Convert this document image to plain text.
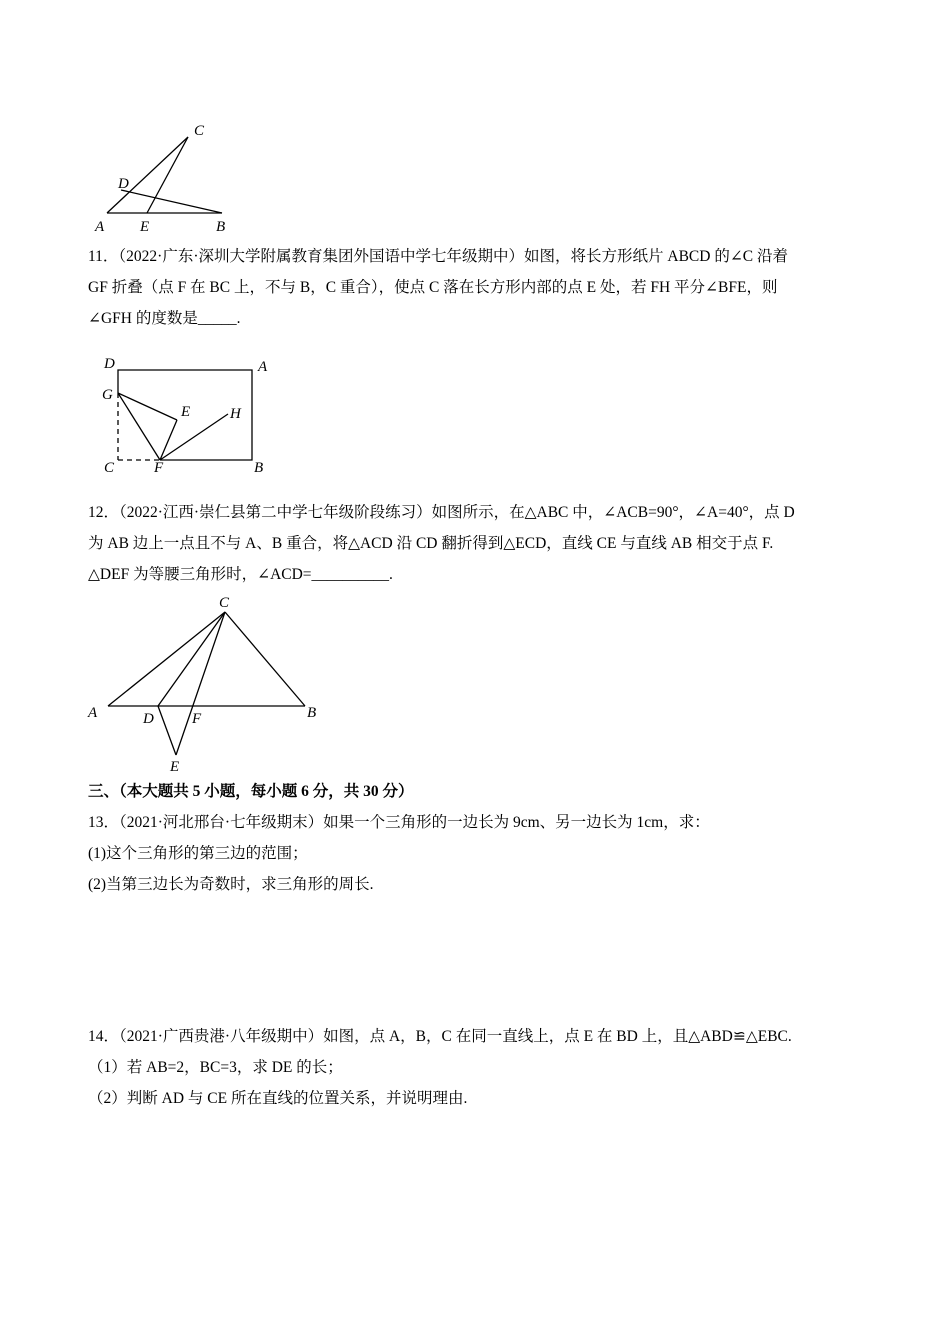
C
D
A E	B
D	A
G
E	H
C	F	B
C
A	D	F	B
E
11．（2022·广东·深圳大学附属教育集团外国语中学七年级期中）如图，将长方形纸片 ABCD 的∠C 沿着
GF 折叠（点 F 在 BC 上，不与 B，C 重合），使点 C 落在长方形内部的点 E 处，若 FH 平分∠BFE，则
∠GFH 的度数是_____.
12．（2022·江西·崇仁县第二中学七年级阶段练习）如图所示，在△ABC 中，∠ACB=90°，∠A=40°，点 D
为 AB 边上一点且不与 A、B 重合，将△ACD 沿 CD 翻折得到△ECD，直线 CE 与直线 AB 相交于点 F.
△DEF 为等腰三角形时，∠ACD=__________.
三、（本大题共 5 小题，每小题 6 分，共 30 分）
13．（2021·河北邢台·七年级期末）如果一个三角形的一边长为 9cm、另一边长为 1cm，求：
(1)这个三角形的第三边的范围；
(2)当第三边长为奇数时，求三角形的周长.
14．（2021·广西贵港·八年级期中）如图，点 A，B，C 在同一直线上，点 E 在 BD 上，且△ABD≌△EBC.
（1）若 AB=2，BC=3，求 DE 的长；
（2）判断 AD 与 CE 所在直线的位置关系，并说明理由.
